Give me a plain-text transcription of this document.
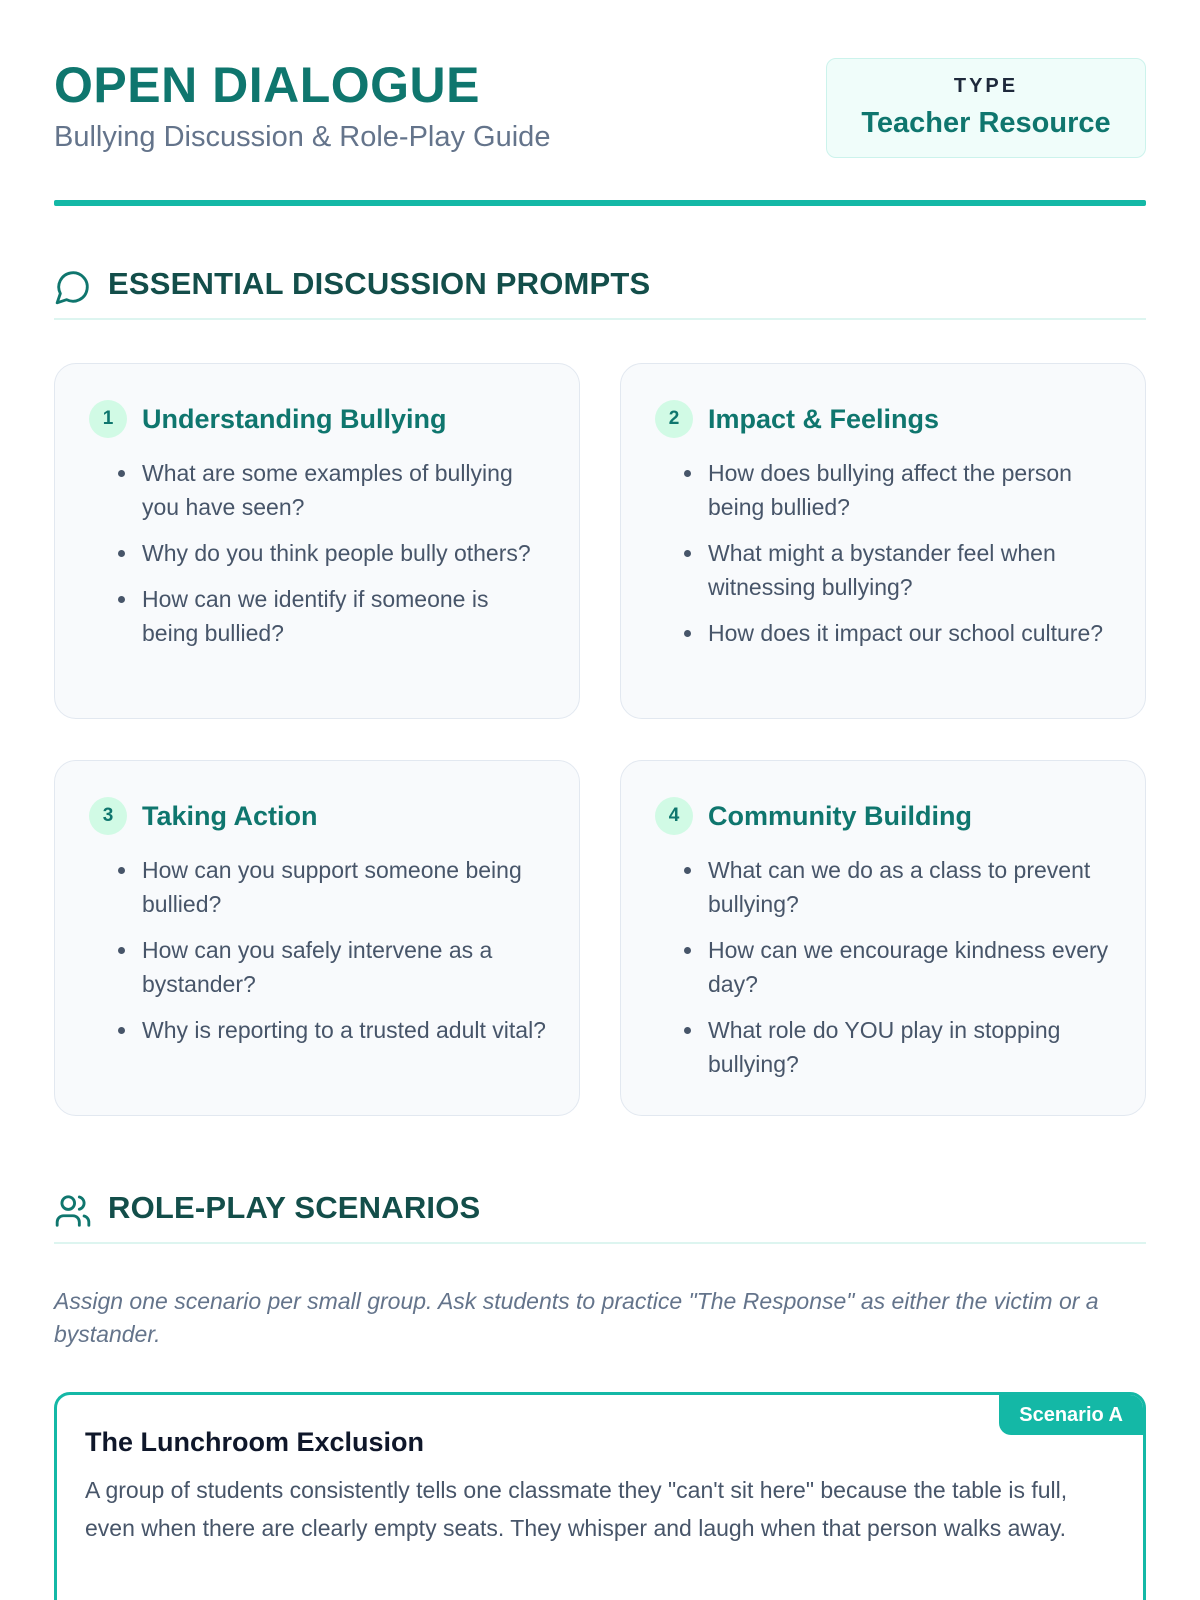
OPEN DIALOGUE
Bullying Discussion & Role-Play Guide
TYPE
Teacher Resource
ESSENTIAL DISCUSSION PROMPTS
1	Understanding Bullying
What are some examples of bullying you have seen?
Why do you think people bully others?
How can we identify if someone is being bullied?
2	Impact & Feelings
How does bullying affect the person being bullied?
What might a bystander feel when witnessing bullying?
How does it impact our school culture?
3	Taking Action
How can you support someone being bullied?
How can you safely intervene as a bystander?
Why is reporting to a trusted adult vital?
4	Community Building
What can we do as a class to prevent bullying?
How can we encourage kindness every day?
What role do YOU play in stopping bullying?
ROLE-PLAY SCENARIOS

Assign one scenario per small group. Ask students to practice "The Response" as either the victim or a bystander.

Scenario A
The Lunchroom Exclusion

A group of students consistently tells one classmate they "can't sit here" because the table is full, even when there are clearly empty seats. They whisper and laugh when that person walks away.
